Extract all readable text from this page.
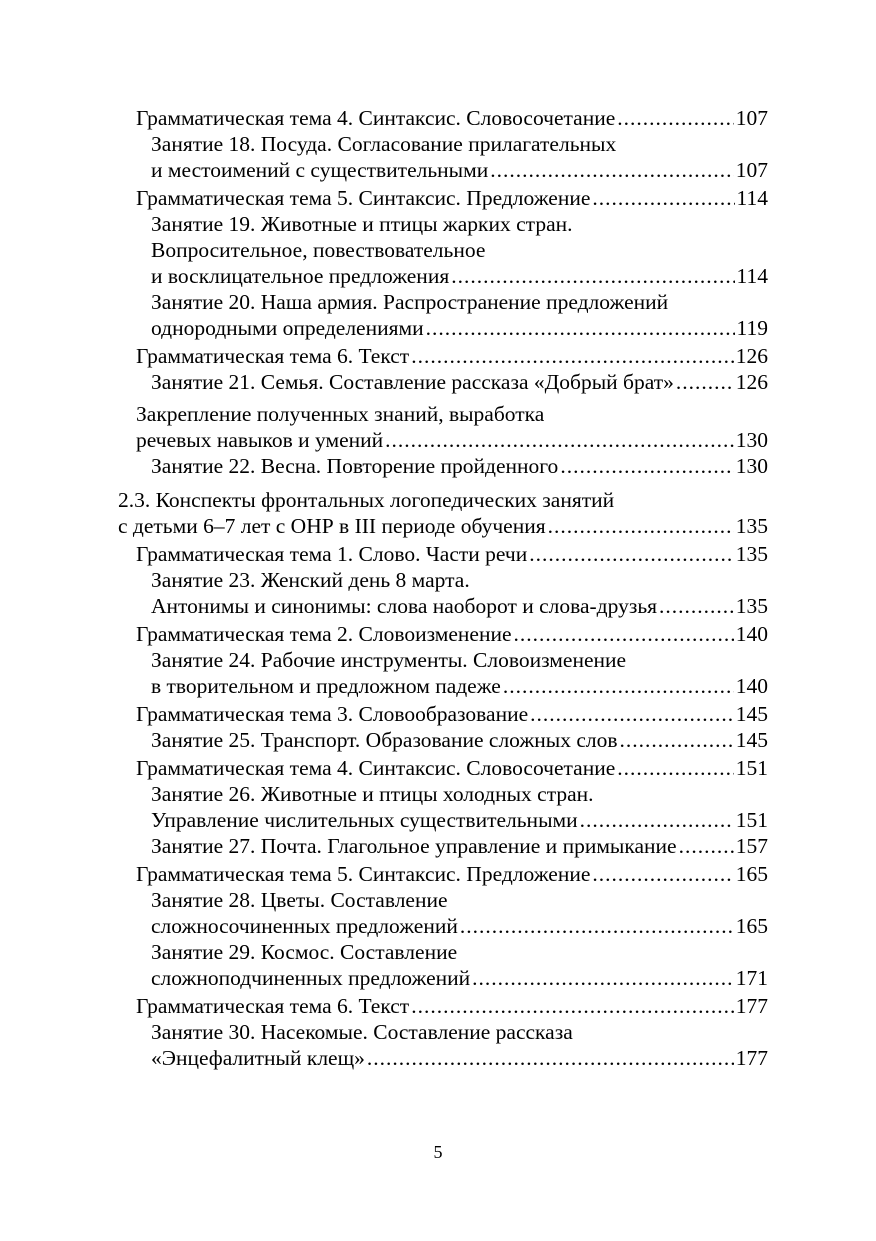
Грамматическая тема 4. Синтаксис. Словосочетание .....	107
Занятие 18. Посуда. Согласование прилагательных
и местоимений с существительными .....	107
Грамматическая тема 5. Синтаксис. Предложение .....	114
Занятие 19. Животные и птицы жарких стран.
Вопросительное, повествовательное
и восклицательное предложения .....	114
Занятие 20. Наша армия. Распространение предложений
однородными определениями .....	119
Грамматическая тема 6. Текст .....	126
Занятие 21. Семья. Составление рассказа «Добрый брат» .....	126
Закрепление полученных знаний, выработка
речевых навыков и умений .....	130
Занятие 22. Весна. Повторение пройденного .....	130
2.3. Конспекты фронтальных логопедических занятий
с детьми 6–7 лет с ОНР в III периоде обучения .....	135
Грамматическая тема 1. Слово. Части речи .....	135
Занятие 23. Женский день 8 марта.
Антонимы и синонимы: слова наоборот и слова-друзья .....	135
Грамматическая тема 2. Словоизменение .....	140
Занятие 24. Рабочие инструменты. Словоизменение
в творительном и предложном падеже .....	140
Грамматическая тема 3. Словообразование .....	145
Занятие 25. Транспорт. Образование сложных слов .....	145
Грамматическая тема 4. Синтаксис. Словосочетание .....	151
Занятие 26. Животные и птицы холодных стран.
Управление числительных существительными .....	151
Занятие 27. Почта. Глагольное управление и примыкание .....	157
Грамматическая тема 5. Синтаксис. Предложение .....	165
Занятие 28. Цветы. Составление
сложносочиненных предложений .....	165
Занятие 29. Космос. Составление
сложноподчиненных предложений .....	171
Грамматическая тема 6. Текст .....	177
Занятие 30. Насекомые. Составление рассказа
«Энцефалитный клещ» .....	177
5
